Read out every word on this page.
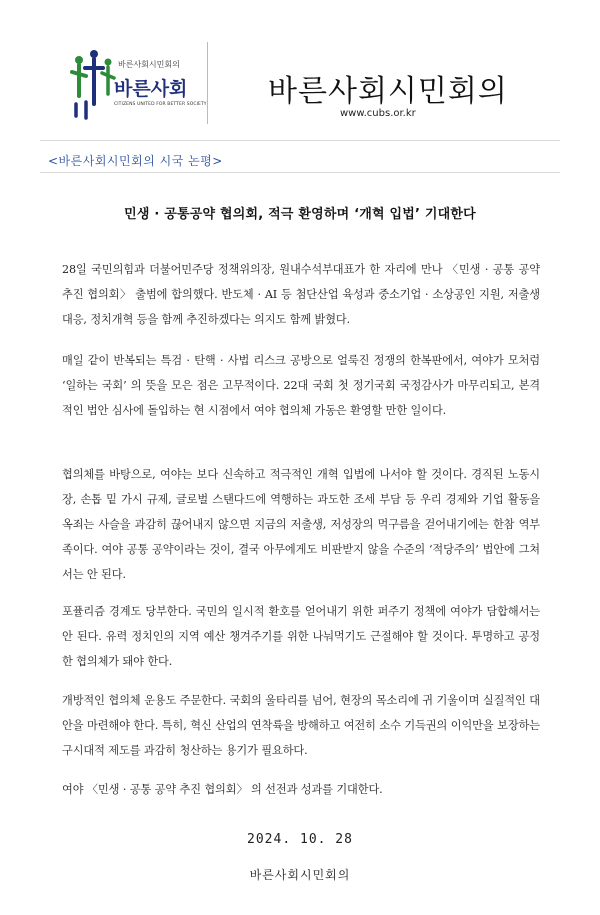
바른사회시민회의
바른사회
CITIZENS UNITED FOR BETTER SOCIETY 바른사회시민회의
www.cubs.or.kr
<바른사회시민회의 시국 논평>
민생 · 공통공약 협의회, 적극 환영하며 ‘개혁 입법’ 기대한다

28일 국민의힘과 더불어민주당 정책위의장, 원내수석부대표가 한 자리에 만나 〈민생 · 공통 공약 추진 협의회〉 출범에 합의했다. 반도체 · AI 등 첨단산업 육성과 중소기업 · 소상공인 지원, 저출생 대응, 정치개혁 등을 함께 추진하겠다는 의지도 함께 밝혔다.

매일 같이 반복되는 특검 · 탄핵 · 사법 리스크 공방으로 얼룩진 정쟁의 한복판에서, 여야가 모처럼 ‘일하는 국회’ 의 뜻을 모은 점은 고무적이다. 22대 국회 첫 정기국회 국정감사가 마무리되고, 본격적인 법안 심사에 돌입하는 현 시점에서 여야 협의체 가동은 환영할 만한 일이다.

협의체를 바탕으로, 여야는 보다 신속하고 적극적인 개혁 입법에 나서야 할 것이다. 경직된 노동시장, 손톱 밑 가시 규제, 글로벌 스탠다드에 역행하는 과도한 조세 부담 등 우리 경제와 기업 활동을 옥죄는 사슬을 과감히 끊어내지 않으면 지금의 저출생, 저성장의 먹구름을 걷어내기에는 한참 역부족이다. 여야 공통 공약이라는 것이, 결국 아무에게도 비판받지 않을 수준의 ‘적당주의’ 법안에 그쳐서는 안 된다.

포퓰리즘 경계도 당부한다. 국민의 일시적 환호를 얻어내기 위한 퍼주기 정책에 여야가 담합해서는 안 된다. 유력 정치인의 지역 예산 챙겨주기를 위한 나눠먹기도 근절해야 할 것이다. 투명하고 공정한 협의체가 돼야 한다.

개방적인 협의체 운용도 주문한다. 국회의 울타리를 넘어, 현장의 목소리에 귀 기울이며 실질적인 대안을 마련해야 한다. 특히, 혁신 산업의 연착륙을 방해하고 여전히 소수 기득권의 이익만을 보장하는 구시대적 제도를 과감히 청산하는 용기가 필요하다.

여야 〈민생 · 공통 공약 추진 협의회〉 의 선전과 성과를 기대한다.

2024. 10. 28
바른사회시민회의
